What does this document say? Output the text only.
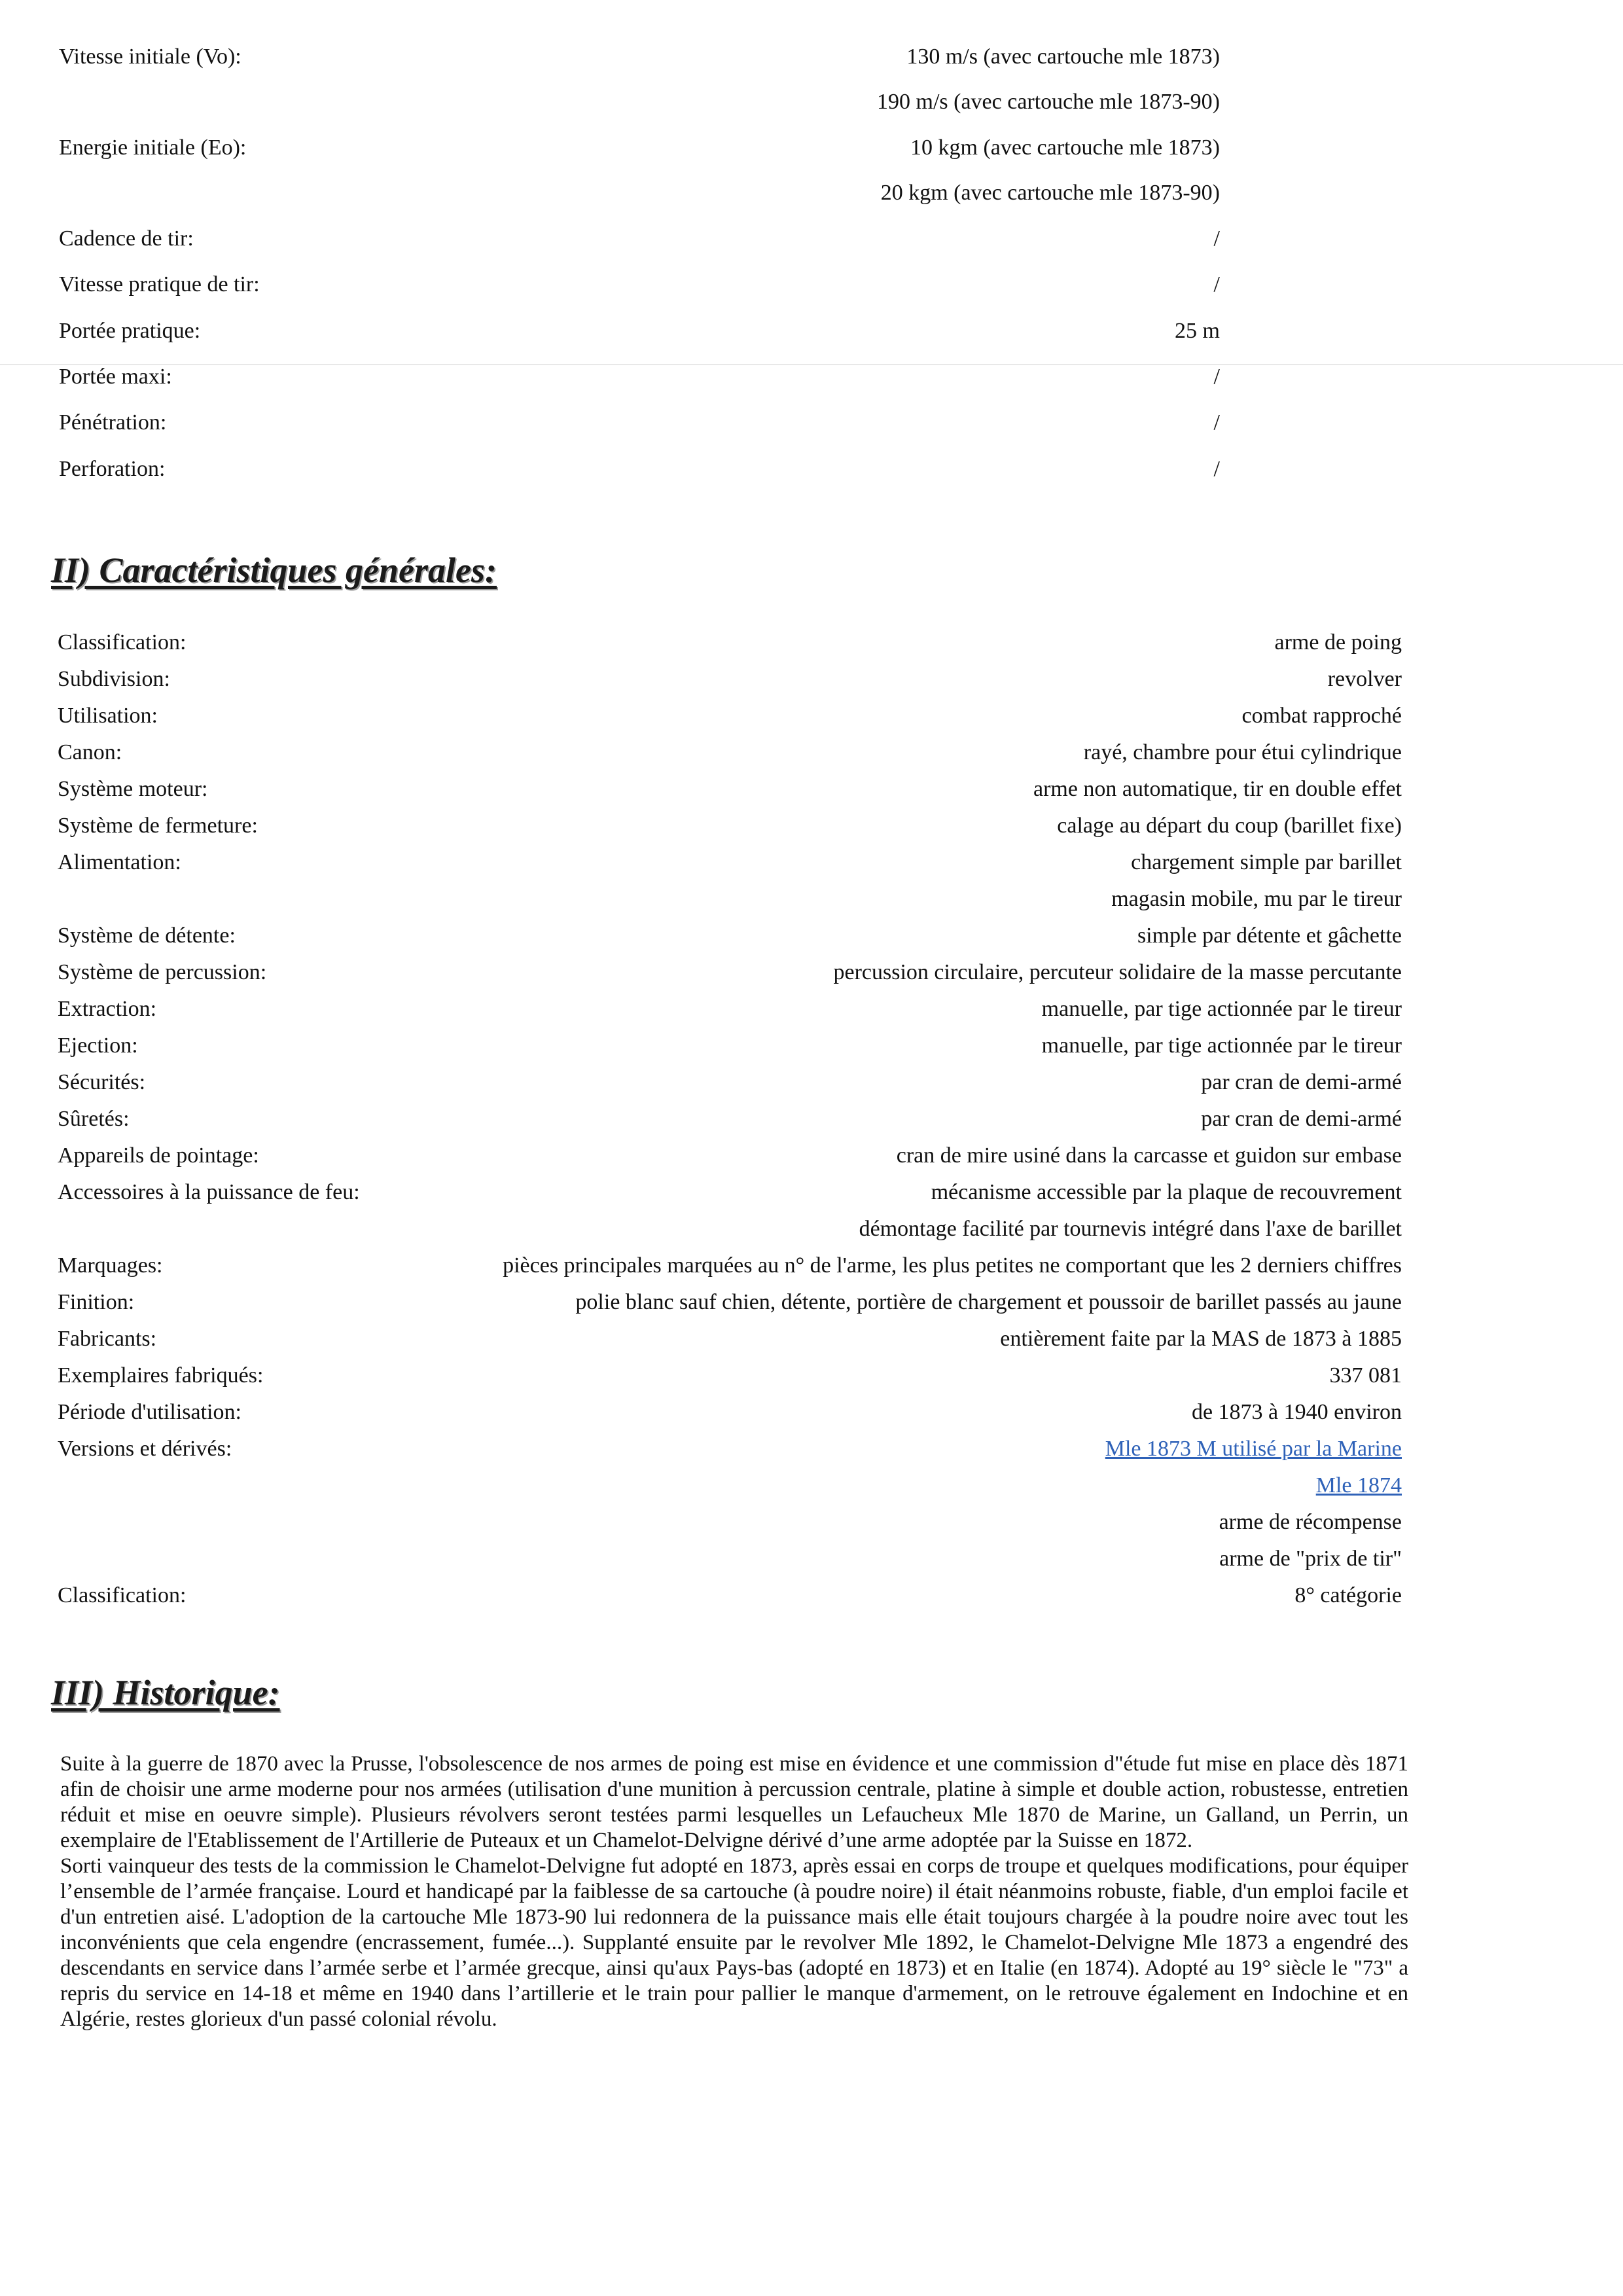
Vitesse initiale (Vo):	130 m/s (avec cartouche mle 1873)
190 m/s (avec cartouche mle 1873-90)
Energie initiale (Eo):	10 kgm (avec cartouche mle 1873)
20 kgm (avec cartouche mle 1873-90)
Cadence de tir:	/
Vitesse pratique de tir:	/
Portée pratique:	25 m
Portée maxi:	/
Pénétration:	/
Perforation:	/
II) Caractéristiques générales:
Classification:	arme de poing
Subdivision:	revolver
Utilisation:	combat rapproché
Canon:	rayé, chambre pour étui cylindrique
Système moteur:	arme non automatique, tir en double effet
Système de fermeture:	calage au départ du coup (barillet fixe)
Alimentation:	chargement simple par barillet
magasin mobile, mu par le tireur
Système de détente:	simple par détente et gâchette
Système de percussion:	percussion circulaire, percuteur solidaire de la masse percutante
Extraction:	manuelle, par tige actionnée par le tireur
Ejection:	manuelle, par tige actionnée par le tireur
Sécurités:	par cran de demi-armé
Sûretés:	par cran de demi-armé
Appareils de pointage:	cran de mire usiné dans la carcasse et guidon sur embase
Accessoires à la puissance de feu:	mécanisme accessible par la plaque de recouvrement
démontage facilité par tournevis intégré dans l'axe de barillet
Marquages:	pièces principales marquées au n° de l'arme, les plus petites ne comportant que les 2 derniers chiffres
Finition:	polie blanc sauf chien, détente, portière de chargement et poussoir de barillet passés au jaune
Fabricants:	entièrement faite par la MAS de 1873 à 1885
Exemplaires fabriqués:	337 081
Période d'utilisation:	de 1873 à 1940 environ
Versions et dérivés:	Mle 1873 M utilisé par la Marine
Mle 1874
arme de récompense
arme de "prix de tir"
Classification:	8° catégorie
III) Historique:

Suite à la guerre de 1870 avec la Prusse, l'obsolescence de nos armes de poing est mise en évidence et une commission d"étude fut mise en place dès 1871 afin de choisir une arme moderne pour nos armées (utilisation d'une munition à percussion centrale, platine à simple et double action, robustesse, entretien réduit et mise en oeuvre simple). Plusieurs révolvers seront testées parmi lesquelles un Lefaucheux Mle 1870 de Marine, un Galland, un Perrin, un exemplaire de l'Etablissement de l'Artillerie de Puteaux et un Chamelot-Delvigne dérivé d’une arme adoptée par la Suisse en 1872.

Sorti vainqueur des tests de la commission le Chamelot-Delvigne fut adopté en 1873, après essai en corps de troupe et quelques modifications, pour équiper l’ensemble de l’armée française. Lourd et handicapé par la faiblesse de sa cartouche (à poudre noire) il était néanmoins robuste, fiable, d'un emploi facile et d'un entretien aisé. L'adoption de la cartouche Mle 1873-90 lui redonnera de la puissance mais elle était toujours chargée à la poudre noire avec tout les inconvénients que cela engendre (encrassement, fumée...). Supplanté ensuite par le revolver Mle 1892, le Chamelot-Delvigne Mle 1873 a engendré des descendants en service dans l’armée serbe et l’armée grecque, ainsi qu'aux Pays-bas (adopté en 1873) et en Italie (en 1874). Adopté au 19° siècle le "73" a repris du service en 14-18 et même en 1940 dans l’artillerie et le train pour pallier le manque d'armement, on le retrouve également en Indochine et en Algérie, restes glorieux d'un passé colonial révolu.
